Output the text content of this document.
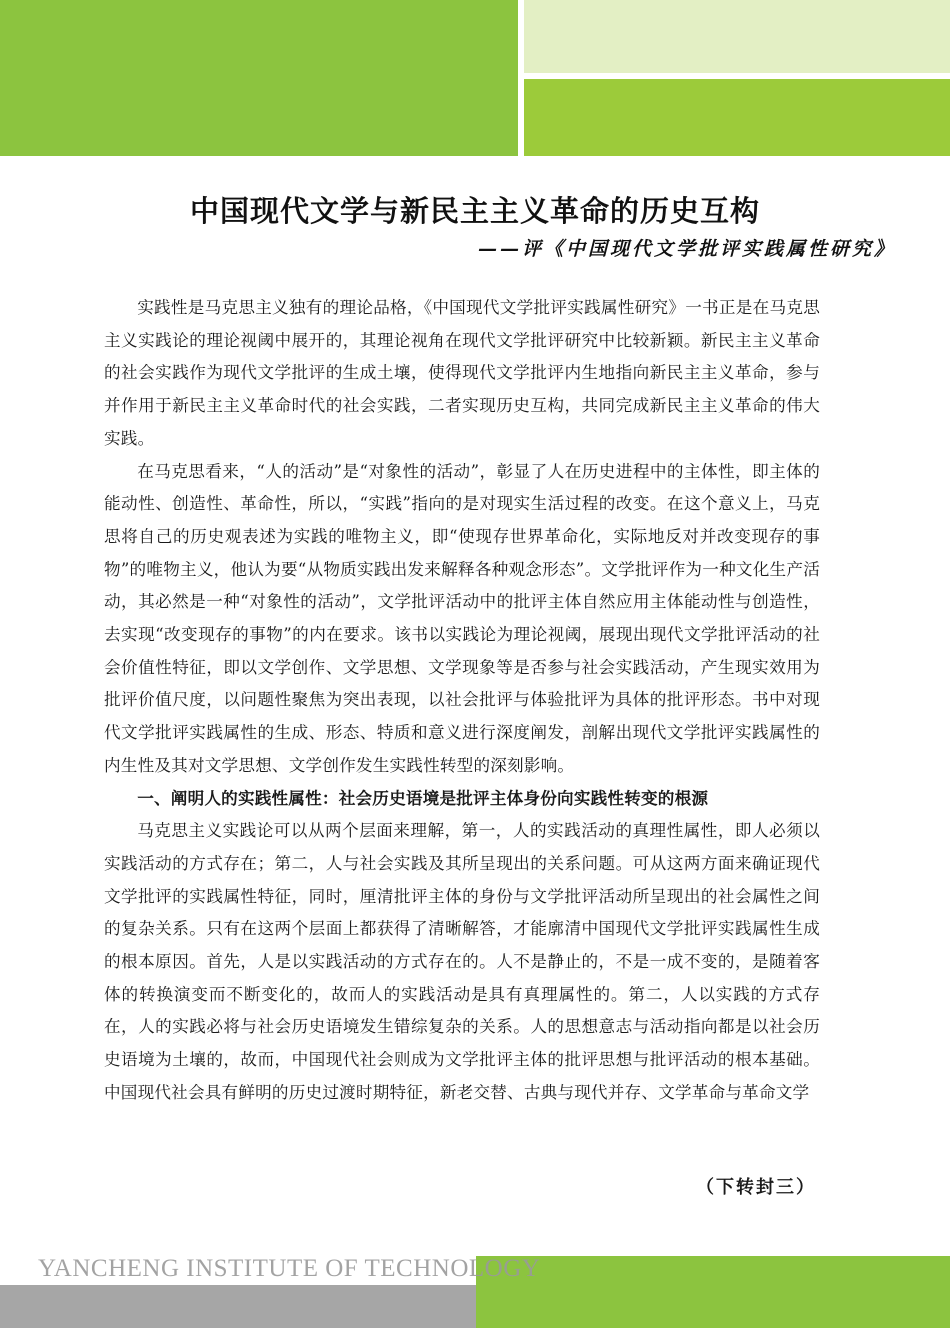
中国现代文学与新民主主义革命的历史互构
——评《中国现代文学批评实践属性研究》

实践性是马克思主义独有的理论品格，《中国现代文学批评实践属性研究》一书正是在马克思主义实践论的理论视阈中展开的，其理论视角在现代文学批评研究中比较新颖。新民主主义革命的社会实践作为现代文学批评的生成土壤，使得现代文学批评内生地指向新民主主义革命，参与并作用于新民主主义革命时代的社会实践，二者实现历史互构，共同完成新民主主义革命的伟大实践。

在马克思看来，“人的活动”是“对象性的活动”，彰显了人在历史进程中的主体性，即主体的能动性、创造性、革命性，所以，“实践”指向的是对现实生活过程的改变。在这个意义上，马克思将自己的历史观表述为实践的唯物主义，即“使现存世界革命化，实际地反对并改变现存的事物”的唯物主义，他认为要“从物质实践出发来解释各种观念形态”。文学批评作为一种文化生产活动，其必然是一种“对象性的活动”，文学批评活动中的批评主体自然应用主体能动性与创造性，去实现“改变现存的事物”的内在要求。该书以实践论为理论视阈，展现出现代文学批评活动的社会价值性特征，即以文学创作、文学思想、文学现象等是否参与社会实践活动，产生现实效用为批评价值尺度，以问题性聚焦为突出表现，以社会批评与体验批评为具体的批评形态。书中对现代文学批评实践属性的生成、形态、特质和意义进行深度阐发，剖解出现代文学批评实践属性的内生性及其对文学思想、文学创作发生实践性转型的深刻影响。

一、阐明人的实践性属性：社会历史语境是批评主体身份向实践性转变的根源

马克思主义实践论可以从两个层面来理解，第一，人的实践活动的真理性属性，即人必须以实践活动的方式存在；第二，人与社会实践及其所呈现出的关系问题。可从这两方面来确证现代文学批评的实践属性特征，同时，厘清批评主体的身份与文学批评活动所呈现出的社会属性之间的复杂关系。只有在这两个层面上都获得了清晰解答，才能廓清中国现代文学批评实践属性生成的根本原因。首先，人是以实践活动的方式存在的。人不是静止的，不是一成不变的，是随着客体的转换演变而不断变化的，故而人的实践活动是具有真理属性的。第二，人以实践的方式存在，人的实践必将与社会历史语境发生错综复杂的关系。人的思想意志与活动指向都是以社会历史语境为土壤的，故而，中国现代社会则成为文学批评主体的批评思想与批评活动的根本基础。中国现代社会具有鲜明的历史过渡时期特征，新老交替、古典与现代并存、文学革命与革命文学

（下转封三）
YANCHENG INSTITUTE OF TECHNOLOGY
